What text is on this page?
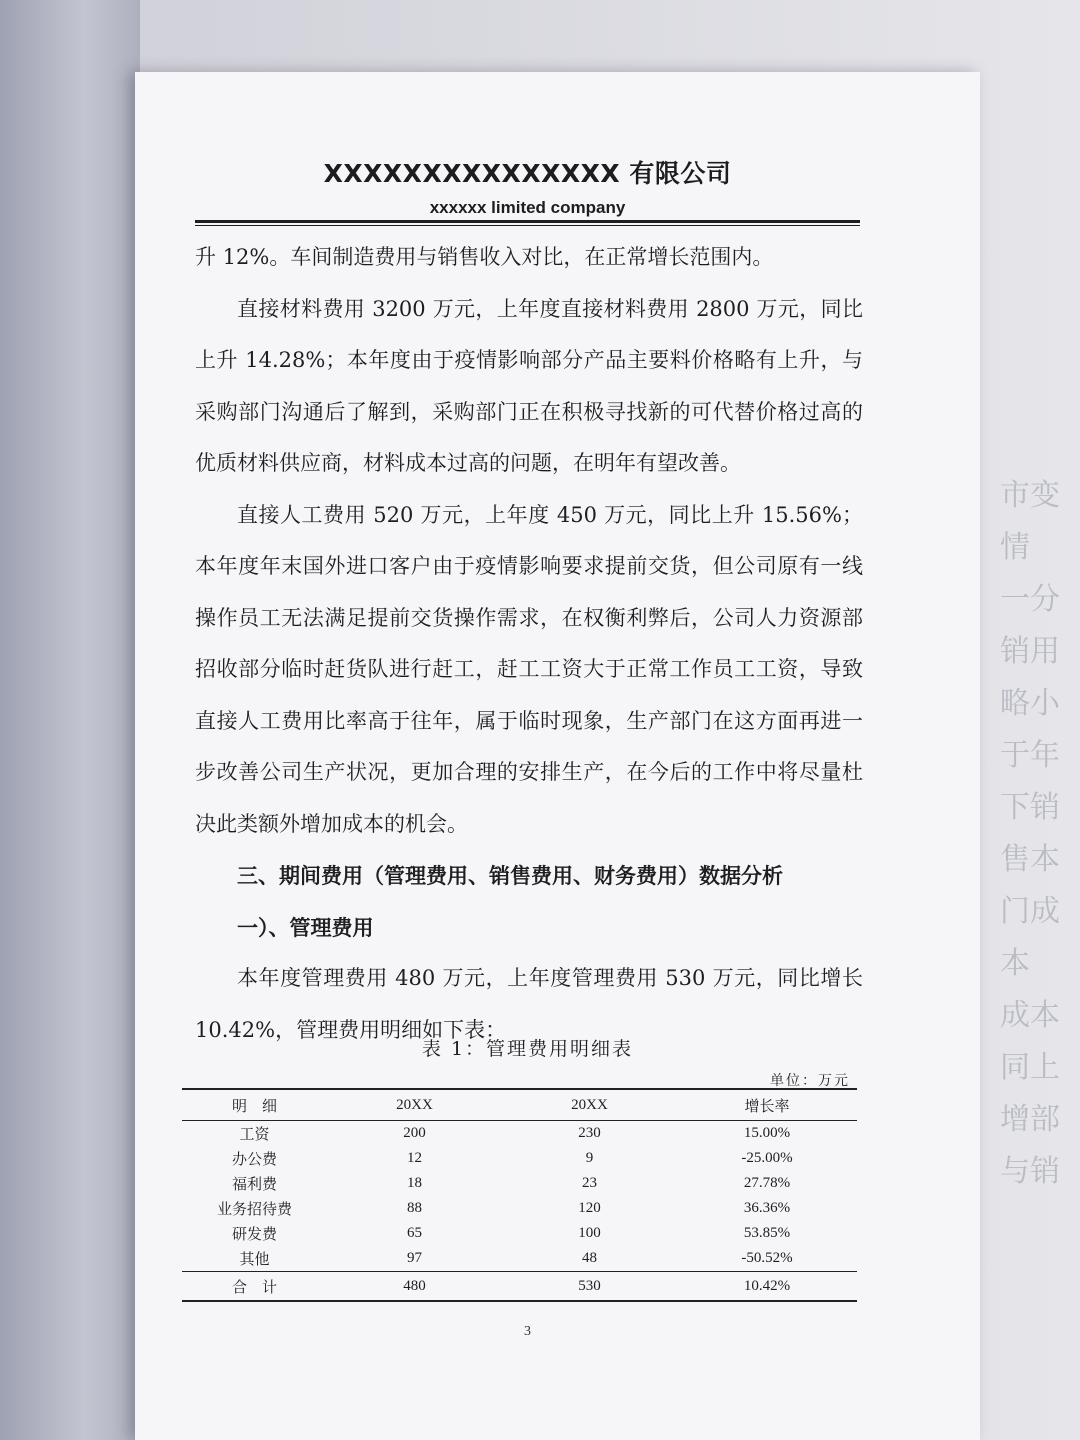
市变情
一分销用
略小于年
下销售本
门成本
成本同上
增部与销
XXXXXXXXXXXXXXX 有限公司
xxxxxx limited company

升 12%。车间制造费用与销售收入对比，在正常增长范围内。

直接材料费用 3200 万元，上年度直接材料费用 2800 万元，同比上升 14.28%；本年度由于疫情影响部分产品主要料价格略有上升，与采购部门沟通后了解到，采购部门正在积极寻找新的可代替价格过高的优质材料供应商，材料成本过高的问题，在明年有望改善。

直接人工费用 520 万元，上年度 450 万元，同比上升 15.56%；本年度年末国外进口客户由于疫情影响要求提前交货，但公司原有一线操作员工无法满足提前交货操作需求，在权衡利弊后，公司人力资源部招收部分临时赶货队进行赶工，赶工工资大于正常工作员工工资，导致直接人工费用比率高于往年，属于临时现象，生产部门在这方面再进一步改善公司生产状况，更加合理的安排生产，在今后的工作中将尽量杜决此类额外增加成本的机会。

三、期间费用（管理费用、销售费用、财务费用）数据分析

一）、管理费用

本年度管理费用 480 万元，上年度管理费用 530 万元，同比增长10.42%，管理费用明细如下表：

表 1：管理费用明细表
单位：万元
明　细	20XX	20XX	增长率
工资	200	230	15.00%
办公费	12	9	-25.00%
福利费	18	23	27.78%
业务招待费	88	120	36.36%
研发费	65	100	53.85%
其他	97	48	-50.52%
合　计	480	530	10.42%
3
